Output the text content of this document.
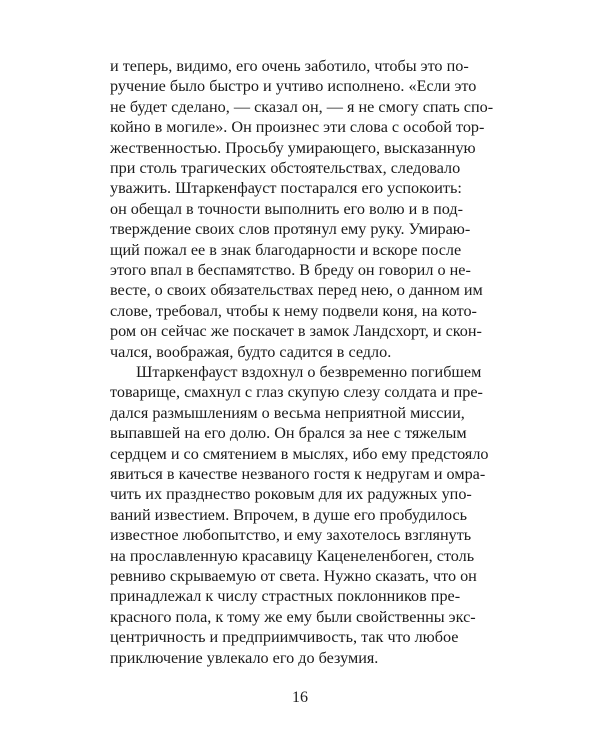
и теперь, видимо, его очень заботило, чтобы это по-
ручение было быстро и учтиво исполнено. «Если это
не будет сделано, — сказал он, — я не смогу спать спо-
койно в могиле». Он произнес эти слова с особой тор-
жественностью. Просьбу умирающего, высказанную
при столь трагических обстоятельствах, следовало
уважить. Штаркенфауст постарался его успокоить:
он обещал в точности выполнить его волю и в под-
тверждение своих слов протянул ему руку. Умираю-
щий пожал ее в знак благодарности и вскоре после
этого впал в беспамятство. В бреду он говорил о не-
весте, о своих обязательствах перед нею, о данном им
слове, требовал, чтобы к нему подвели коня, на кото-
ром он сейчас же поскачет в замок Ландсхорт, и скон-
чался, воображая, будто садится в седло.
Штаркенфауст вздохнул о безвременно погибшем
товарище, смахнул с глаз скупую слезу солдата и пре-
дался размышлениям о весьма неприятной миссии,
выпавшей на его долю. Он брался за нее с тяжелым
сердцем и со смятением в мыслях, ибо ему предстояло
явиться в качестве незваного гостя к недругам и омра-
чить их празднество роковым для их радужных упо-
ваний известием. Впрочем, в душе его пробудилось
известное любопытство, и ему захотелось взглянуть
на прославленную красавицу Каценеленбоген, столь
ревниво скрываемую от света. Нужно сказать, что он
принадлежал к числу страстных поклонников пре-
красного пола, к тому же ему были свойственны экс-
центричность и предприимчивость, так что любое
приключение увлекало его до безумия.
16
